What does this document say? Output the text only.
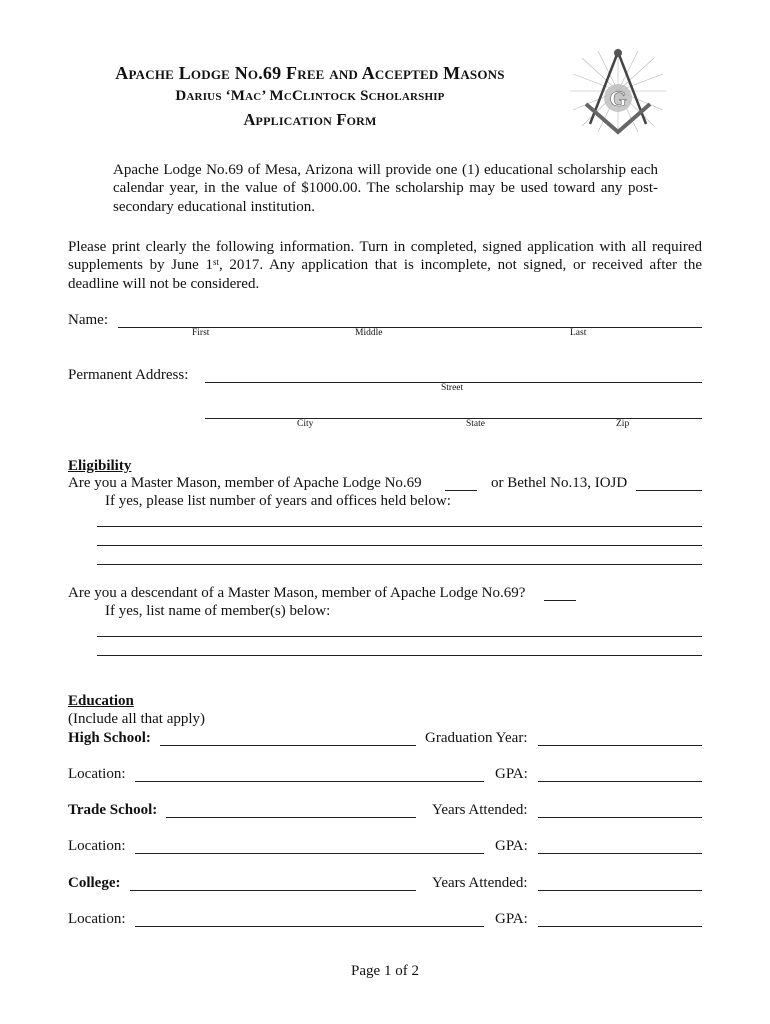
Apache Lodge No.69 Free and Accepted Masons
Darius ‘Mac’ McClintock Scholarship
Application Form
G
Apache Lodge No.69 of Mesa, Arizona will provide one (1) educational scholarship each calendar year, in the value of $1000.00. The scholarship may be used toward any post-secondary educational institution.
Please print clearly the following information. Turn in completed, signed application with all required supplements by June 1st, 2017. Any application that is incomplete, not signed, or received after the deadline will not be considered.
Name:
First	Middle	Last
Permanent Address:
Street
City	State	Zip
Eligibility
Are you a Master Mason, member of Apache Lodge No.69	or Bethel No.13, IOJD
If yes, please list number of years and offices held below:
Are you a descendant of a Master Mason, member of Apache Lodge No.69?
If yes, list name of member(s) below:
Education
(Include all that apply)
High School:	Graduation Year:
Location:	GPA:
Trade School:	Years Attended:
Location:	GPA:
College:	Years Attended:
Location:	GPA:
Page 1 of 2
